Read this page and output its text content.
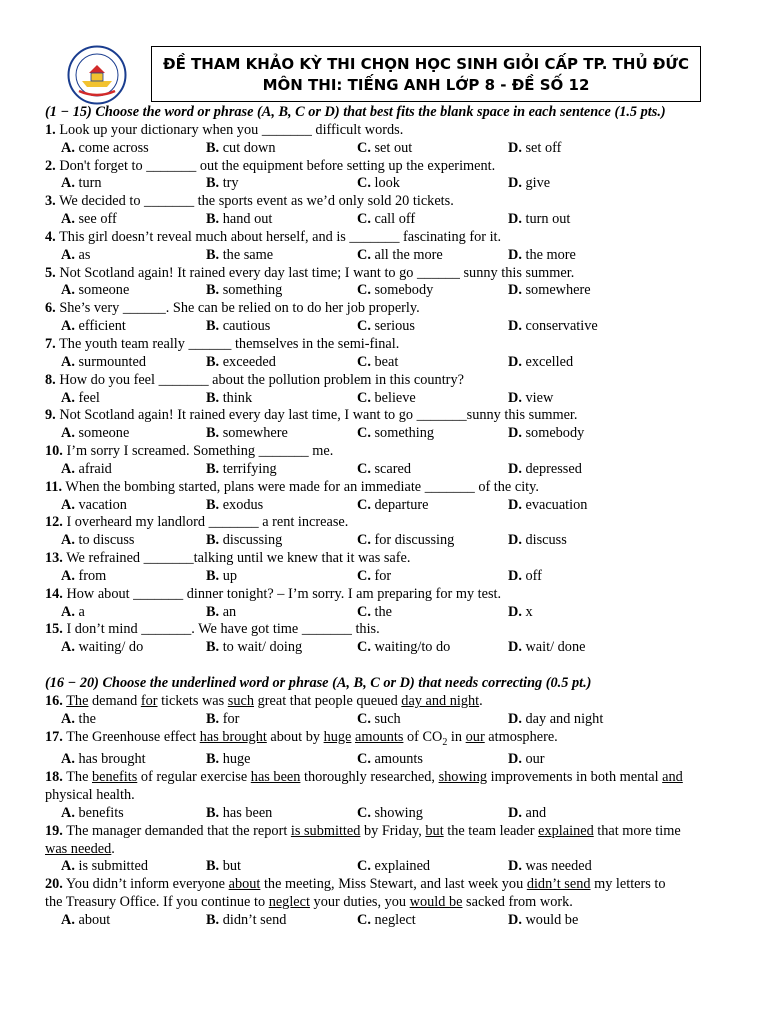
ĐỀ THAM KHẢO KỲ THI CHỌN HỌC SINH GIỎI CẤP TP. THỦ ĐỨC
MÔN THI: TIẾNG ANH LỚP 8 - ĐỀ SỐ 12
(1 − 15) Choose the word or phrase (A, B, C or D) that best fits the blank space in each sentence (1.5 pts.)
1. Look up your dictionary when you _______ difficult words.
A. come across	B. cut down	C. set out	D. set off
2. Don't forget to _______ out the equipment before setting up the experiment.
A. turn	B. try	C. look	D. give
3. We decided to _______ the sports event as we’d only sold 20 tickets.
A. see off	B. hand out	C. call off	D. turn out
4. This girl doesn’t reveal much about herself, and is _______ fascinating for it.
A. as	B. the same	C. all the more	D. the more
5. Not Scotland again! It rained every day last time; I want to go ______ sunny this summer.
A. someone	B. something	C. somebody	D. somewhere
6. She’s very ______. She can be relied on to do her job properly.
A. efficient	B. cautious	C. serious	D. conservative
7. The youth team really ______ themselves in the semi-final.
A. surmounted	B. exceeded	C. beat	D. excelled
8. How do you feel _______ about the pollution problem in this country?
A. feel	B. think	C. believe	D. view
9. Not Scotland again! It rained every day last time, I want to go _______sunny this summer.
A. someone	B. somewhere	C. something	D. somebody
10. I’m sorry I screamed. Something _______ me.
A. afraid	B. terrifying	C. scared	D. depressed
11. When the bombing started, plans were made for an immediate _______ of the city.
A. vacation	B. exodus	C. departure	D. evacuation
12. I overheard my landlord _______ a rent increase.
A. to discuss	B. discussing	C. for discussing	D. discuss
13. We refrained _______talking until we knew that it was safe.
A. from	B. up	C. for	D. off
14. How about _______ dinner tonight? – I’m sorry. I am preparing for my test.
A. a	B. an	C. the	D. x
15. I don’t mind _______. We have got time _______ this.
A. waiting/ do	B. to wait/ doing	C. waiting/to do	D. wait/ done
(16 − 20) Choose the underlined word or phrase (A, B, C or D) that needs correcting (0.5 pt.)
16. The demand for tickets was such great that people queued day and night.
A. the	B. for	C. such	D. day and night
17. The Greenhouse effect has brought about by huge amounts of $CO_2$ in our atmosphere.
A. has brought	B. huge	C. amounts	D. our
18. The benefits of regular exercise has been thoroughly researched, showing improvements in both mental and
physical health.
A. benefits	B. has been	C. showing	D. and
19. The manager demanded that the report is submitted by Friday, but the team leader explained that more time
was needed.
A. is submitted	B. but	C. explained	D. was needed
20. You didn’t inform everyone about the meeting, Miss Stewart, and last week you didn’t send my letters to
the Treasury Office. If you continue to neglect your duties, you would be sacked from work.
A. about	B. didn’t send	C. neglect	D. would be
